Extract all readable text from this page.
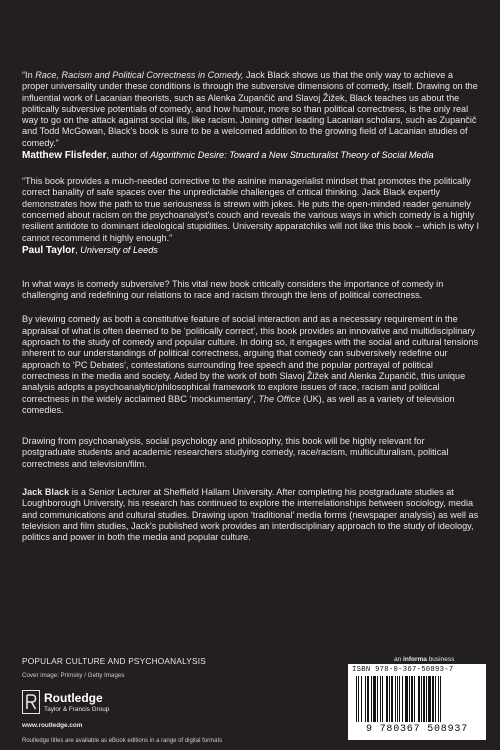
“In Race, Racism and Political Correctness in Comedy, Jack Black shows us that the only way to achieve a proper universality under these conditions is through the subversive dimensions of comedy, itself. Drawing on the influential work of Lacanian theorists, such as Alenka Zupančič and Slavoj Žižek, Black teaches us about the politically subversive potentials of comedy, and how humour, more so than political correctness, is the only real way to go on the attack against social ills, like racism. Joining other leading Lacanian scholars, such as Zupančič and Todd McGowan, Black’s book is sure to be a welcomed addition to the growing field of Lacanian studies of comedy.”

Matthew Flisfeder, author of Algorithmic Desire: Toward a New Structuralist Theory of Social Media

“This book provides a much-needed corrective to the asinine managerialist mindset that promotes the politically correct banality of safe spaces over the unpredictable challenges of critical thinking. Jack Black expertly demonstrates how the path to true seriousness is strewn with jokes. He puts the open-minded reader genuinely concerned about racism on the psychoanalyst’s couch and reveals the various ways in which comedy is a highly resilient antidote to dominant ideological stupidities. University apparatchiks will not like this book – which is why I cannot recommend it highly enough.”

Paul Taylor, University of Leeds

In what ways is comedy subversive? This vital new book critically considers the importance of comedy in challenging and redefining our relations to race and racism through the lens of political correctness.

By viewing comedy as both a constitutive feature of social interaction and as a necessary requirement in the appraisal of what is often deemed to be ‘politically correct’, this book provides an innovative and multidisciplinary approach to the study of comedy and popular culture. In doing so, it engages with the social and cultural tensions inherent to our understandings of political correctness, arguing that comedy can subversively redefine our approach to ‘PC Debates’, contestations surrounding free speech and the popular portrayal of political correctness in the media and society. Aided by the work of both Slavoj Žižek and Alenka Zupančič, this unique analysis adopts a psychoanalytic/philosophical framework to explore issues of race, racism and political correctness in the widely acclaimed BBC ‘mockumentary’, The Office (UK), as well as a variety of television comedies.

Drawing from psychoanalysis, social psychology and philosophy, this book will be highly relevant for postgraduate students and academic researchers studying comedy, race/racism, multiculturalism, political correctness and television/film.

Jack Black is a Senior Lecturer at Sheffield Hallam University. After completing his postgraduate studies at Loughborough University, his research has continued to explore the interrelationships between sociology, media and communications and cultural studies. Drawing upon ‘traditional’ media forms (newspaper analysis) as well as television and film studies, Jack’s published work provides an interdisciplinary approach to the study of ideology, politics and power in both the media and popular culture.

POPULAR CULTURE AND PSYCHOANALYSIS
Cover image: Primsky / Getty Images
Routledge
Taylor & Francis Group
www.routledge.com
Routledge titles are available as eBook editions in a range of digital formats
an informa business
ISBN 978-0-367-50893-7
9 780367 508937
